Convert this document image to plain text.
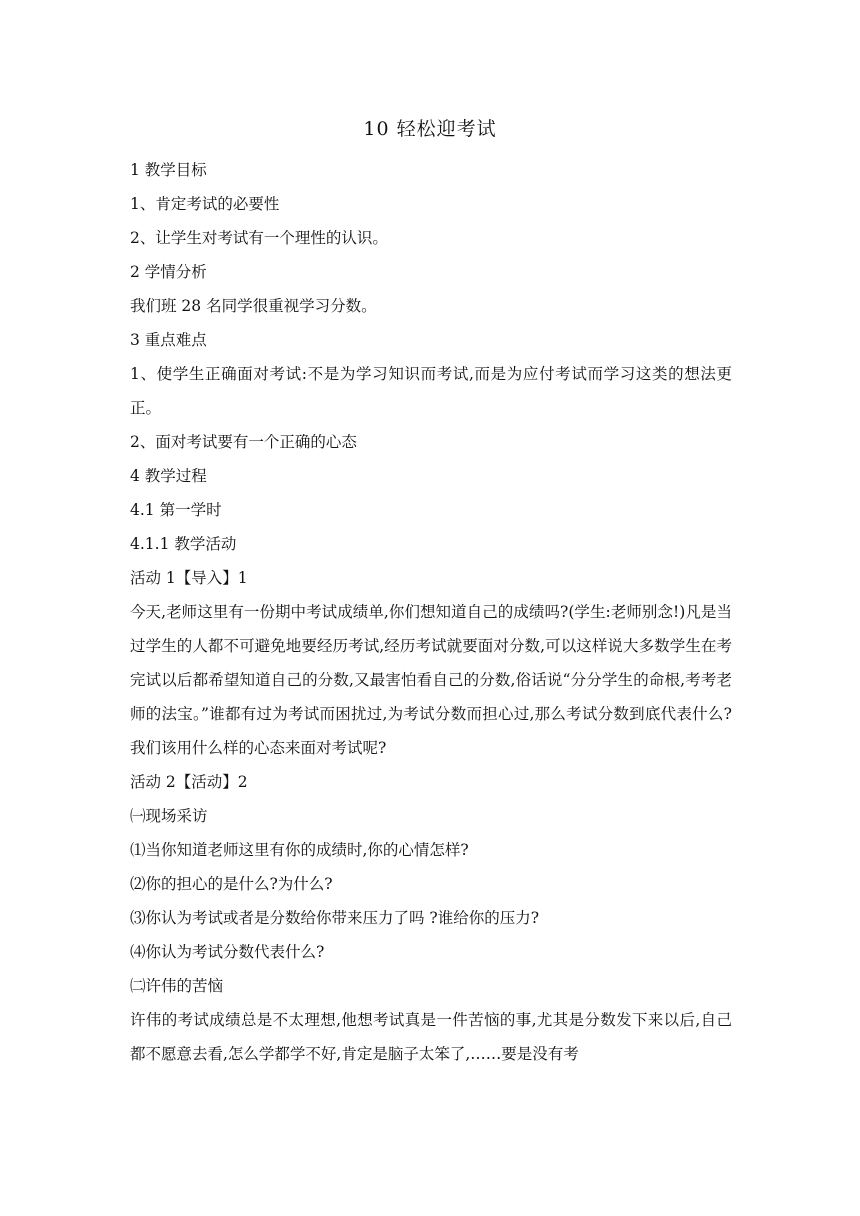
10 轻松迎考试
1 教学目标
1、肯定考试的必要性
2、让学生对考试有一个理性的认识。
2 学情分析
我们班 28 名同学很重视学习分数。
3 重点难点

1、使学生正确面对考试:不是为学习知识而考试,而是为应付考试而学习这类的想法更正。

2、面对考试要有一个正确的心态
4 教学过程
4.1 第一学时
4.1.1 教学活动
活动 1【导入】1

今天,老师这里有一份期中考试成绩单,你们想知道自己的成绩吗?(学生:老师别念!)凡是当过学生的人都不可避免地要经历考试,经历考试就要面对分数,可以这样说大多数学生在考完试以后都希望知道自己的分数,又最害怕看自己的分数,俗话说“分分学生的命根,考考老师的法宝。”谁都有过为考试而困扰过,为考试分数而担心过,那么考试分数到底代表什么?我们该用什么样的心态来面对考试呢?

活动 2【活动】2
㈠现场采访
⑴当你知道老师这里有你的成绩时,你的心情怎样?
⑵你的担心的是什么?为什么?
⑶你认为考试或者是分数给你带来压力了吗 ?谁给你的压力?
⑷你认为考试分数代表什么?
㈡许伟的苦恼

许伟的考试成绩总是不太理想,他想考试真是一件苦恼的事,尤其是分数发下来以后,自己都不愿意去看,怎么学都学不好,肯定是脑子太笨了,……要是没有考
